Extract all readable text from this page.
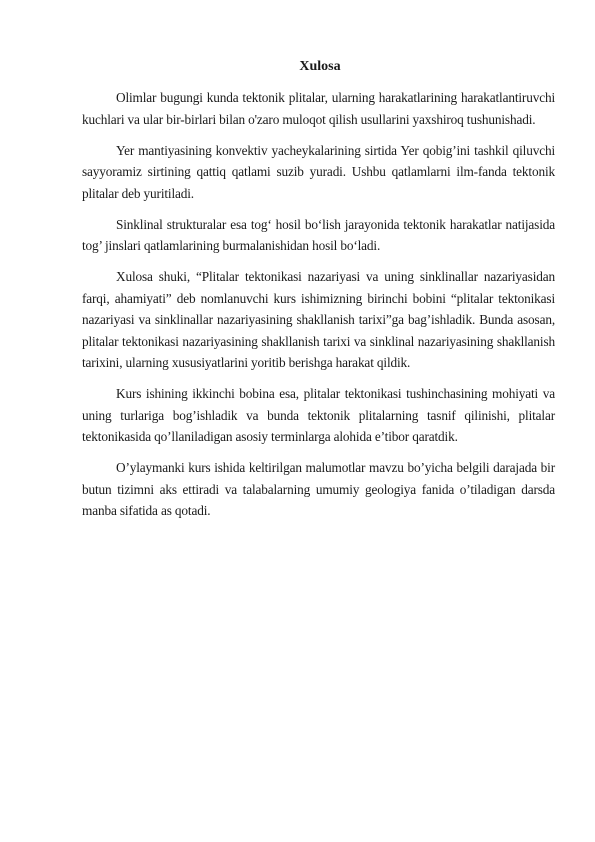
Xulosa

Olimlar bugungi kunda tektonik plitalar, ularning harakatlarining harakatlantiruvchi kuchlari va ular bir-birlari bilan o'zaro muloqot qilish usullarini yaxshiroq tushunishadi.

Yer mantiyasining konvektiv yacheykalarining sirtida Yer qobig’ini tashkil qiluvchi sayyoramiz sirtining qattiq qatlami suzib yuradi. Ushbu qatlamlarni ilm-fanda tektonik plitalar deb yuritiladi.

Sinklinal strukturalar esa tog‘ hosil bo‘lish jarayonida tektonik harakatlar natijasida tog’ jinslari qatlamlarining burmalanishidan hosil bo‘ladi.

Xulosa shuki, “Plitalar tektonikasi nazariyasi va uning sinklinallar nazariyasidan farqi, ahamiyati” deb nomlanuvchi kurs ishimizning birinchi bobini “plitalar tektonikasi nazariyasi va sinklinallar nazariyasining shakllanish tarixi”ga bag’ishladik. Bunda asosan, plitalar tektonikasi nazariyasining shakllanish tarixi va sinklinal nazariyasining shakllanish tarixini, ularning xususiyatlarini yoritib berishga harakat qildik.

Kurs ishining ikkinchi bobina esa, plitalar tektonikasi tushinchasining mohiyati va uning turlariga bog’ishladik va bunda tektonik plitalarning tasnif qilinishi, plitalar tektonikasida qo’llaniladigan asosiy terminlarga alohida e’tibor qaratdik.

O’ylaymanki kurs ishida keltirilgan malumotlar mavzu bo’yicha belgili darajada bir butun tizimni aks ettiradi va talabalarning umumiy geologiya fanida o’tiladigan darsda manba sifatida as qotadi.
